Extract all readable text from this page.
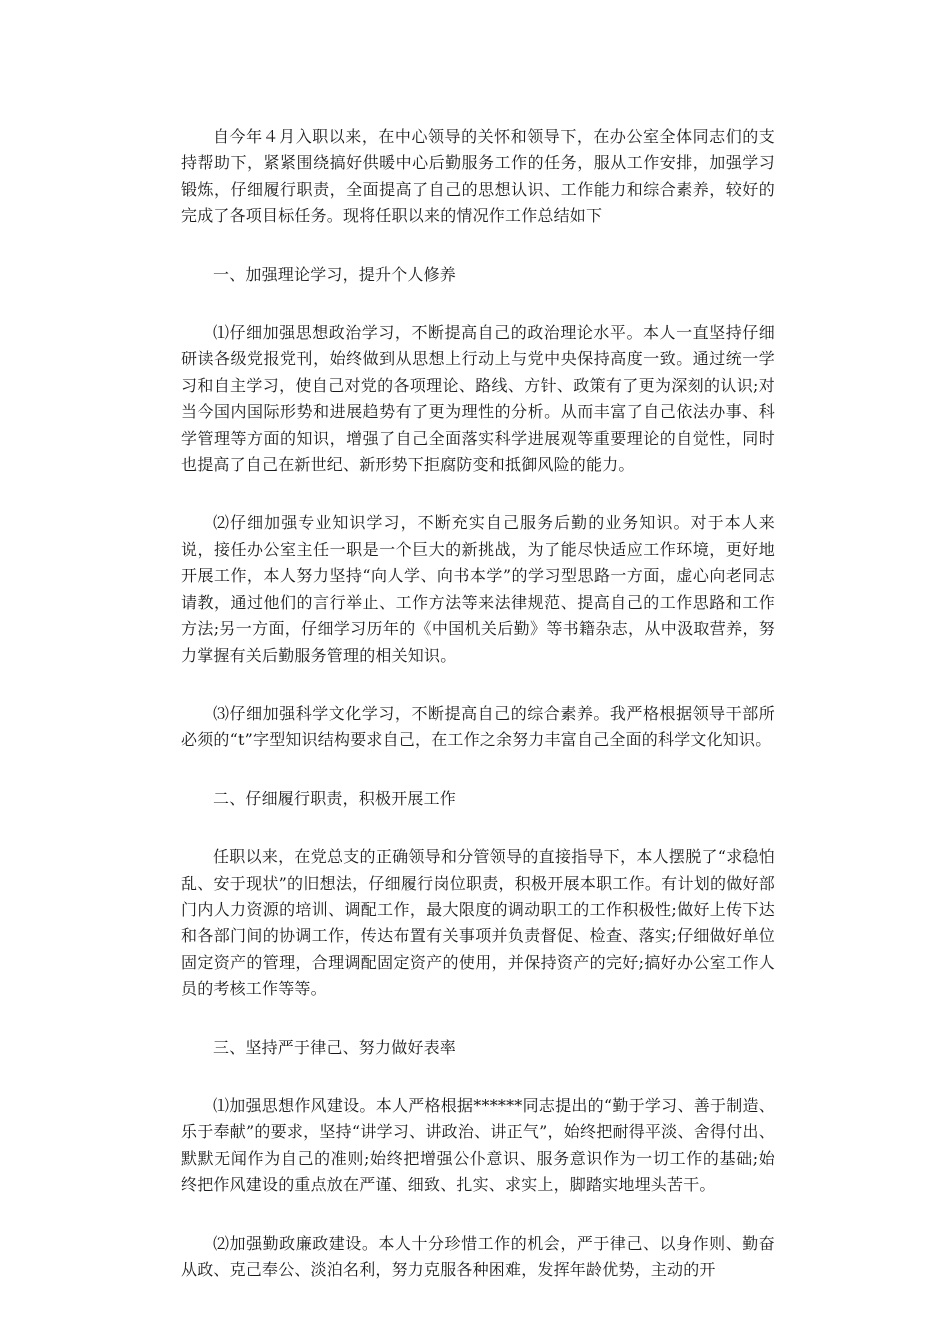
自今年４月入职以来，在中心领导的关怀和领导下，在办公室全体同志们的支持帮助下，紧紧围绕搞好供暖中心后勤服务工作的任务，服从工作安排，加强学习锻炼，仔细履行职责，全面提高了自己的思想认识、工作能力和综合素养，较好的完成了各项目标任务。现将任职以来的情况作工作总结如下

一、加强理论学习，提升个人修养

⑴仔细加强思想政治学习，不断提高自己的政治理论水平。本人一直坚持仔细研读各级党报党刊，始终做到从思想上行动上与党中央保持高度一致。通过统一学习和自主学习，使自己对党的各项理论、路线、方针、政策有了更为深刻的认识;对当今国内国际形势和进展趋势有了更为理性的分析。从而丰富了自己依法办事、科学管理等方面的知识，增强了自己全面落实科学进展观等重要理论的自觉性，同时也提高了自己在新世纪、新形势下拒腐防变和抵御风险的能力。

⑵仔细加强专业知识学习，不断充实自己服务后勤的业务知识。对于本人来说，接任办公室主任一职是一个巨大的新挑战，为了能尽快适应工作环境，更好地开展工作，本人努力坚持“向人学、向书本学”的学习型思路一方面，虚心向老同志请教，通过他们的言行举止、工作方法等来法律规范、提高自己的工作思路和工作方法;另一方面，仔细学习历年的《中国机关后勤》等书籍杂志，从中汲取营养，努力掌握有关后勤服务管理的相关知识。

⑶仔细加强科学文化学习，不断提高自己的综合素养。我严格根据领导干部所必须的“t”字型知识结构要求自己，在工作之余努力丰富自己全面的科学文化知识。

二、仔细履行职责，积极开展工作

任职以来，在党总支的正确领导和分管领导的直接指导下，本人摆脱了“求稳怕乱、安于现状”的旧想法，仔细履行岗位职责，积极开展本职工作。有计划的做好部门内人力资源的培训、调配工作，最大限度的调动职工的工作积极性;做好上传下达和各部门间的协调工作，传达布置有关事项并负责督促、检查、落实;仔细做好单位固定资产的管理，合理调配固定资产的使用，并保持资产的完好;搞好办公室工作人员的考核工作等等。

三、坚持严于律己、努力做好表率

⑴加强思想作风建设。本人严格根据******同志提出的“勤于学习、善于制造、乐于奉献”的要求，坚持“讲学习、讲政治、讲正气”，始终把耐得平淡、舍得付出、默默无闻作为自己的准则;始终把增强公仆意识、服务意识作为一切工作的基础;始终把作风建设的重点放在严谨、细致、扎实、求实上，脚踏实地埋头苦干。

⑵加强勤政廉政建设。本人十分珍惜工作的机会，严于律己、以身作则、勤奋从政、克己奉公、淡泊名利，努力克服各种困难，发挥年龄优势，主动的开
